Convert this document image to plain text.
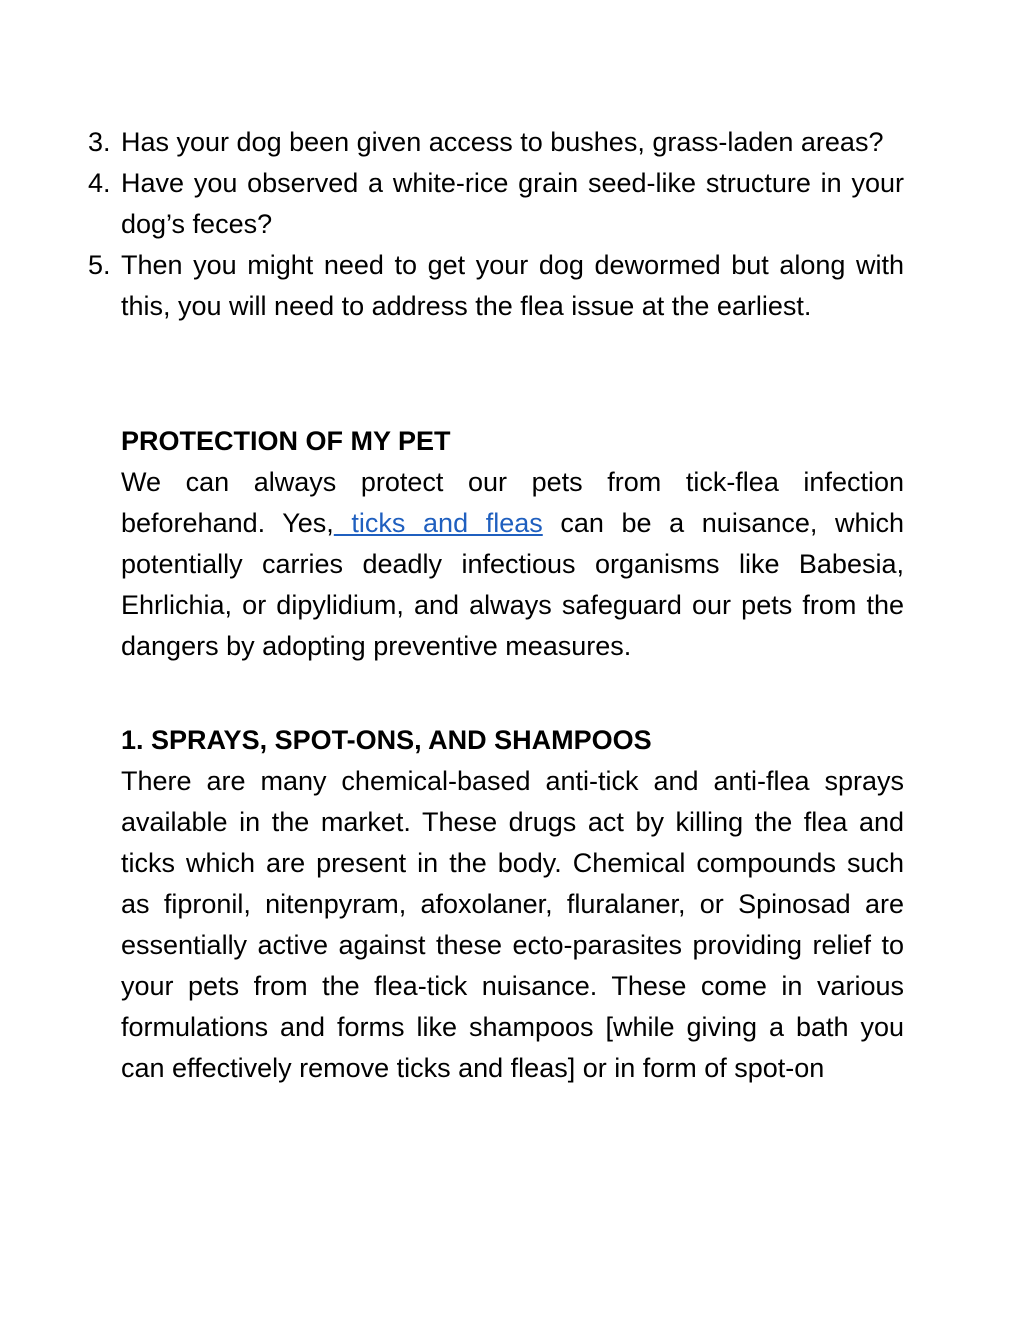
3. Has your dog been given access to bushes, grass-laden areas?
4. Have you observed a white-rice grain seed-like structure in your dog’s feces?
5. Then you might need to get your dog dewormed but along with this, you will need to address the flea issue at the earliest.
PROTECTION OF MY PET

We can always protect our pets from tick-flea infection beforehand. Yes, ticks and fleas can be a nuisance, which potentially carries deadly infectious organisms like Babesia, Ehrlichia, or dipylidium, and always safeguard our pets from the dangers by adopting preventive measures.

1. SPRAYS, SPOT-ONS, AND SHAMPOOS

There are many chemical-based anti-tick and anti-flea sprays available in the market. These drugs act by killing the flea and ticks which are present in the body. Chemical compounds such as fipronil, nitenpyram, afoxolaner, fluralaner, or Spinosad are essentially active against these ecto-parasites providing relief to your pets from the flea-tick nuisance. These come in various formulations and forms like shampoos [while giving a bath you can effectively remove ticks and fleas] or in form of spot-on
